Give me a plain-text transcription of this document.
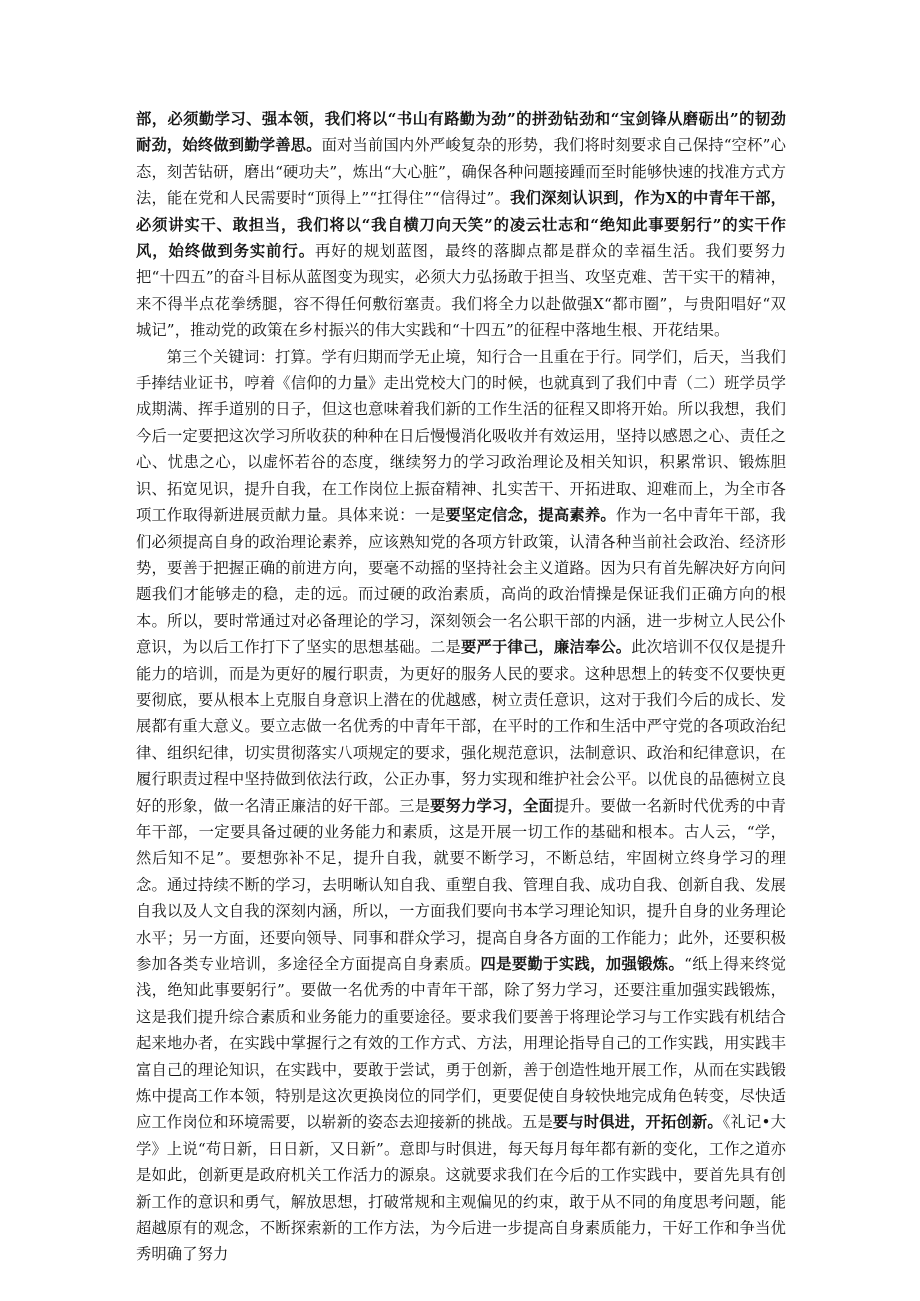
部，必须勤学习、强本领，我们将以“书山有路勤为劲”的拼劲钻劲和“宝剑锋从磨砺出”的韧劲耐劲，始终做到勤学善思。面对当前国内外严峻复杂的形势，我们将时刻要求自己保持“空杯”心态，刻苦钻研，磨出“硬功夫”，炼出“大心脏”，确保各种问题接踵而至时能够快速的找准方式方法，能在党和人民需要时“顶得上”“扛得住”“信得过”。我们深刻认识到，作为X的中青年干部，必须讲实干、敢担当，我们将以“我自横刀向天笑”的凌云壮志和“绝知此事要躬行”的实干作风，始终做到务实前行。再好的规划蓝图，最终的落脚点都是群众的幸福生活。我们要努力把“十四五”的奋斗目标从蓝图变为现实，必须大力弘扬敢于担当、攻坚克难、苦干实干的精神，来不得半点花拳绣腿，容不得任何敷衍塞责。我们将全力以赴做强X“都市圈”，与贵阳唱好“双城记”，推动党的政策在乡村振兴的伟大实践和“十四五”的征程中落地生根、开花结果。

第三个关键词：打算。学有归期而学无止境，知行合一且重在于行。同学们，后天，当我们手捧结业证书，哼着《信仰的力量》走出党校大门的时候，也就真到了我们中青（二）班学员学成期满、挥手道别的日子，但这也意味着我们新的工作生活的征程又即将开始。所以我想，我们今后一定要把这次学习所收获的种种在日后慢慢消化吸收并有效运用，坚持以感恩之心、责任之心、忧患之心，以虚怀若谷的态度，继续努力的学习政治理论及相关知识，积累常识、锻炼胆识、拓宽见识，提升自我，在工作岗位上振奋精神、扎实苦干、开拓进取、迎难而上，为全市各项工作取得新进展贡献力量。具体来说：一是要坚定信念，提高素养。作为一名中青年干部，我们必须提高自身的政治理论素养，应该熟知党的各项方针政策，认清各种当前社会政治、经济形势，要善于把握正确的前进方向，要毫不动摇的坚持社会主义道路。因为只有首先解决好方向问题我们才能够走的稳，走的远。而过硬的政治素质，高尚的政治情操是保证我们正确方向的根本。所以，要时常通过对必备理论的学习，深刻领会一名公职干部的内涵，进一步树立人民公仆意识，为以后工作打下了坚实的思想基础。二是要严于律己，廉洁奉公。此次培训不仅仅是提升能力的培训，而是为更好的履行职责，为更好的服务人民的要求。这种思想上的转变不仅要快更要彻底，要从根本上克服自身意识上潜在的优越感，树立责任意识，这对于我们今后的成长、发展都有重大意义。要立志做一名优秀的中青年干部，在平时的工作和生活中严守党的各项政治纪律、组织纪律，切实贯彻落实八项规定的要求，强化规范意识，法制意识、政治和纪律意识，在履行职责过程中坚持做到依法行政，公正办事，努力实现和维护社会公平。以优良的品德树立良好的形象，做一名清正廉洁的好干部。三是要努力学习，全面提升。要做一名新时代优秀的中青年干部，一定要具备过硬的业务能力和素质，这是开展一切工作的基础和根本。古人云，“学，然后知不足”。要想弥补不足，提升自我，就要不断学习，不断总结，牢固树立终身学习的理念。通过持续不断的学习，去明晰认知自我、重塑自我、管理自我、成功自我、创新自我、发展自我以及人文自我的深刻内涵，所以，一方面我们要向书本学习理论知识，提升自身的业务理论水平；另一方面，还要向领导、同事和群众学习，提高自身各方面的工作能力；此外，还要积极参加各类专业培训，多途径全方面提高自身素质。四是要勤于实践，加强锻炼。“纸上得来终觉浅，绝知此事要躬行”。要做一名优秀的中青年干部，除了努力学习，还要注重加强实践锻炼，这是我们提升综合素质和业务能力的重要途径。要求我们要善于将理论学习与工作实践有机结合起来地办者，在实践中掌握行之有效的工作方式、方法，用理论指导自己的工作实践，用实践丰富自己的理论知识，在实践中，要敢于尝试，勇于创新，善于创造性地开展工作，从而在实践锻炼中提高工作本领，特别是这次更换岗位的同学们，更要促使自身较快地完成角色转变，尽快适应工作岗位和环境需要，以崭新的姿态去迎接新的挑战。五是要与时俱进，开拓创新。《礼记•大学》上说“苟日新，日日新，又日新”。意即与时俱进，每天每月每年都有新的变化，工作之道亦是如此，创新更是政府机关工作活力的源泉。这就要求我们在今后的工作实践中，要首先具有创新工作的意识和勇气，解放思想，打破常规和主观偏见的约束，敢于从不同的角度思考问题，能超越原有的观念，不断探索新的工作方法，为今后进一步提高自身素质能力，干好工作和争当优秀明确了努力
